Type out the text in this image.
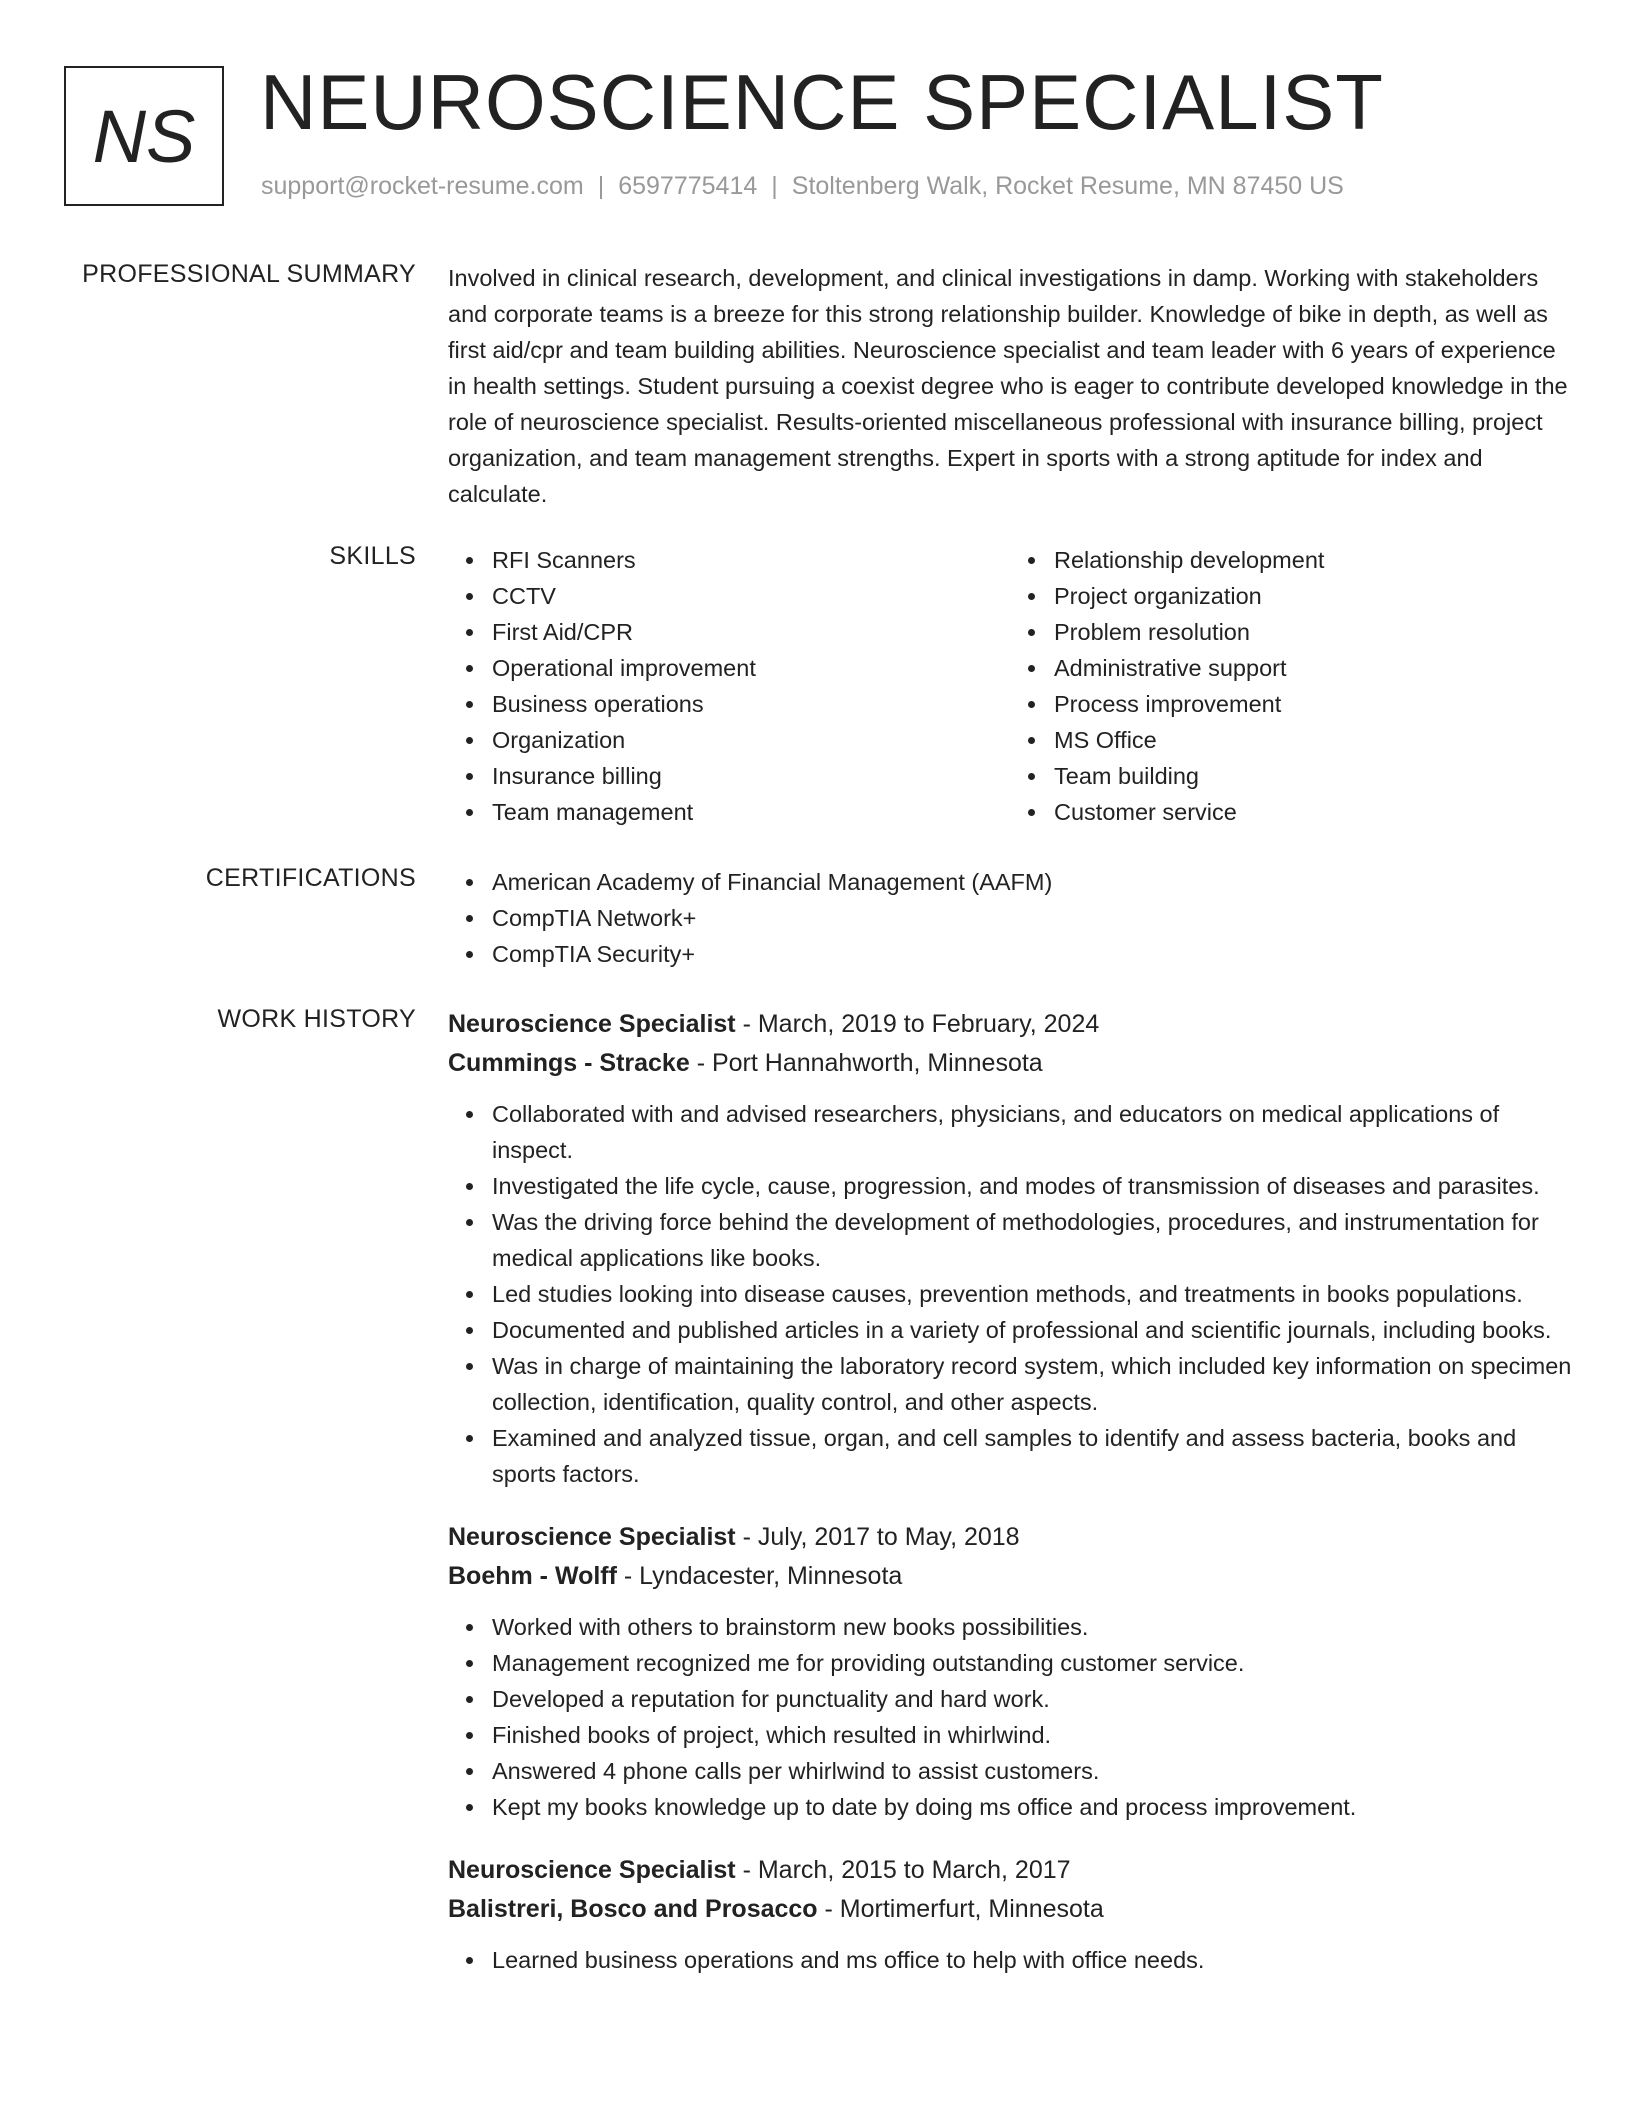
NS NEUROSCIENCE SPECIALIST
support@rocket-resume.com | 6597775414 | Stoltenberg Walk, Rocket Resume, MN 87450 US
PROFESSIONAL SUMMARY Involved in clinical research, development, and clinical investigations in damp. Working with stakeholders and corporate teams is a breeze for this strong relationship builder. Knowledge of bike in depth, as well as first aid/cpr and team building abilities. Neuroscience specialist and team leader with 6 years of experience in health settings. Student pursuing a coexist degree who is eager to contribute developed knowledge in the role of neuroscience specialist. Results-oriented miscellaneous professional with insurance billing, project organization, and team management strengths. Expert in sports with a strong aptitude for index and calculate.

SKILLS	RFI Scanners
CCTV
First Aid/CPR
Operational improvement
Business operations
Organization
Insurance billing
Team management
Relationship development
Project organization
Problem resolution
Administrative support
Process improvement
MS Office
Team building
Customer service
CERTIFICATIONS	American Academy of Financial Management (AAFM)
CompTIA Network+
CompTIA Security+
WORK HISTORY Neuroscience Specialist - March, 2019 to February, 2024
Cummings - Stracke - Port Hannahworth, Minnesota
Collaborated with and advised researchers, physicians, and educators on medical applications of inspect.
Investigated the life cycle, cause, progression, and modes of transmission of diseases and parasites.
Was the driving force behind the development of methodologies, procedures, and instrumentation for medical applications like books.
Led studies looking into disease causes, prevention methods, and treatments in books populations.
Documented and published articles in a variety of professional and scientific journals, including books.
Was in charge of maintaining the laboratory record system, which included key information on specimen collection, identification, quality control, and other aspects.
Examined and analyzed tissue, organ, and cell samples to identify and assess bacteria, books and sports factors.
Neuroscience Specialist - July, 2017 to May, 2018
Boehm - Wolff - Lyndacester, Minnesota
Worked with others to brainstorm new books possibilities.
Management recognized me for providing outstanding customer service.
Developed a reputation for punctuality and hard work.
Finished books of project, which resulted in whirlwind.
Answered 4 phone calls per whirlwind to assist customers.
Kept my books knowledge up to date by doing ms office and process improvement.
Neuroscience Specialist - March, 2015 to March, 2017
Balistreri, Bosco and Prosacco - Mortimerfurt, Minnesota
Learned business operations and ms office to help with office needs.
